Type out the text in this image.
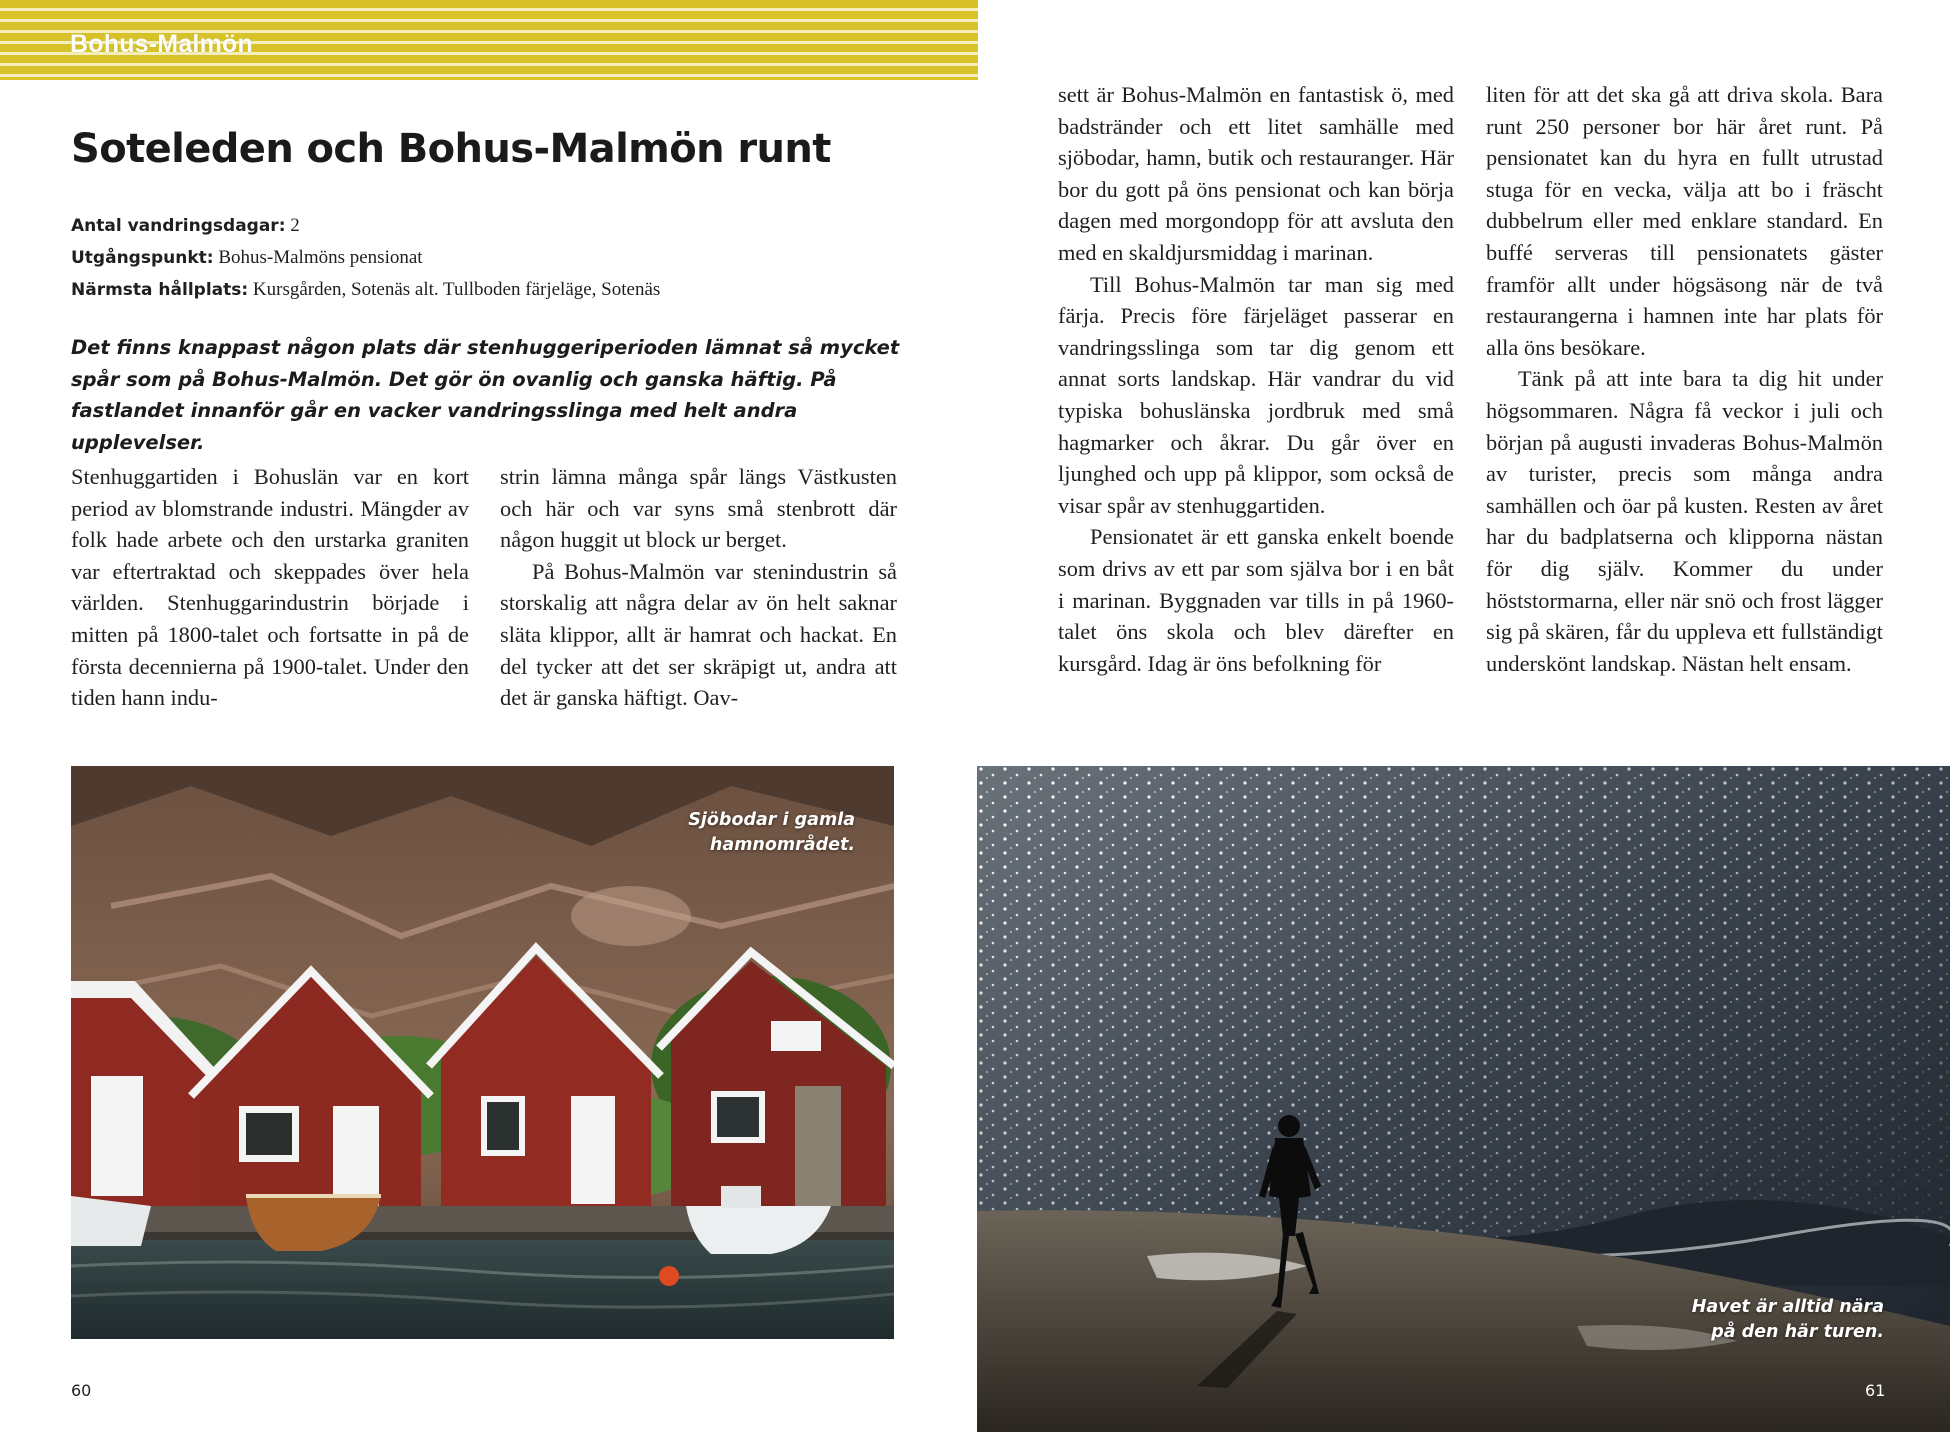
Bohus-Malmön
Soteleden och Bohus-Malmön runt
Antal vandringsdagar: 2
Utgångspunkt: Bohus-Malmöns pensionat
Närmsta hållplats: Kursgården, Sotenäs alt. Tullboden färjeläge, Sotenäs

Det finns knappast någon plats där stenhuggeriperioden lämnat så mycket spår som på Bohus-Malmön. Det gör ön ovanlig och ganska häftig. På fastlandet innanför går en vacker vandringsslinga med helt andra upplevelser.

Stenhuggartiden i Bohuslän var en kort period av blomstrande industri. Mängder av folk hade arbete och den urstarka graniten var eftertraktad och skeppades över hela världen. Stenhuggarindustrin började i mitten på 1800-talet och fortsatte in på de första decennierna på 1900-talet. Under den tiden hann indu-

strin lämna många spår längs Västkusten och här och var syns små stenbrott där någon huggit ut block ur berget.

På Bohus-Malmön var stenindustrin så storskalig att några delar av ön helt saknar släta klippor, allt är hamrat och hackat. En del tycker att det ser skräpigt ut, andra att det är ganska häftigt. Oav-

Sjöbodar i gamla
hamnområdet.
60

sett är Bohus-Malmön en fantastisk ö, med badstränder och ett litet samhälle med sjöbodar, hamn, butik och restauranger. Här bor du gott på öns pensionat och kan börja dagen med morgondopp för att avsluta den med en skaldjursmiddag i marinan.

Till Bohus-Malmön tar man sig med färja. Precis före färjeläget passerar en vandringsslinga som tar dig genom ett annat sorts landskap. Här vandrar du vid typiska bohuslänska jordbruk med små hagmarker och åkrar. Du går över en ljunghed och upp på klippor, som också de visar spår av stenhuggartiden.

Pensionatet är ett ganska enkelt boende som drivs av ett par som själva bor i en båt i marinan. Byggnaden var tills in på 1960-talet öns skola och blev därefter en kursgård. Idag är öns befolkning för

liten för att det ska gå att driva skola. Bara runt 250 personer bor här året runt. På pensionatet kan du hyra en fullt utrustad stuga för en vecka, välja att bo i fräscht dubbelrum eller med enklare standard. En buffé serveras till pensionatets gäster framför allt under högsäsong när de två restaurangerna i hamnen inte har plats för alla öns besökare.

Tänk på att inte bara ta dig hit under högsommaren. Några få veckor i juli och början på augusti invaderas Bohus-Malmön av turister, precis som många andra samhällen och öar på kusten. Resten av året har du badplatserna och klipporna nästan för dig själv. Kommer du under höststormarna, eller när snö och frost lägger sig på skären, får du uppleva ett fullständigt underskönt landskap. Nästan helt ensam.

Havet är alltid nära
på den här turen.
61
